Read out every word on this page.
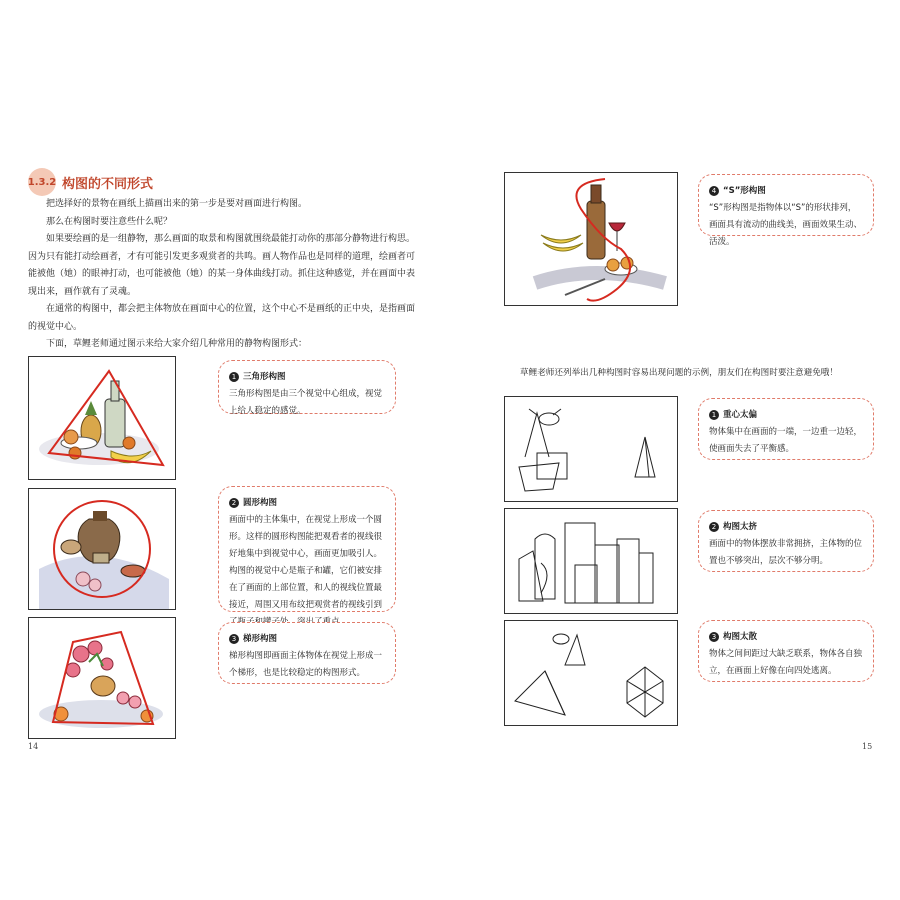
1.3.2 构图的不同形式

把选择好的景物在画纸上描画出来的第一步是要对画面进行构图。

那么在构图时要注意些什么呢？

如果要绘画的是一组静物，那么画面的取景和构图就围绕最能打动你的那部分静物进行构思。因为只有能打动绘画者，才有可能引发更多观赏者的共鸣。画人物作品也是同样的道理，绘画者可能被他（她）的眼神打动，也可能被他（她）的某一身体曲线打动。抓住这种感觉，并在画面中表现出来，画作就有了灵魂。

在通常的构图中，都会把主体物放在画面中心的位置，这个中心不是画纸的正中央，是指画面的视觉中心。

下面，草鲤老师通过图示来给大家介绍几种常用的静物构图形式：

1 三角形构图
三角形构图是由三个视觉中心组成，视觉上给人稳定的感觉。
2 圆形构图
画面中的主体集中，在视觉上形成一个圆形。这样的圆形构图能把观看者的视线很好地集中到视觉中心，画面更加吸引人。构图的视觉中心是瓶子和罐，它们被安排在了画面的上部位置，和人的视线位置最接近，周围又用布纹把观赏者的视线引到
3 梯形构图
梯形构图即画面主体物体在视觉上形成一个梯形，也是比较稳定的构图形式。
14
4 “S”形构图
“S”形构图是指物体以“S”的形状排列，画面具有流动的曲线美，画面效果生动、活泼。
草鲤老师还列举出几种构图时容易出现问题的示例，朋友们在构图时要注意避免哦！
1 重心太偏
物体集中在画面的一端，一边重一边轻，使画面失去了平衡感。
2 构图太挤
画面中的物体摆放非常拥挤，主体物的位置也不够突出，层次不够分明。
3 构图太散
物体之间间距过大缺乏联系，物体各自独立，在画面上好像在向四处逃离。
15
